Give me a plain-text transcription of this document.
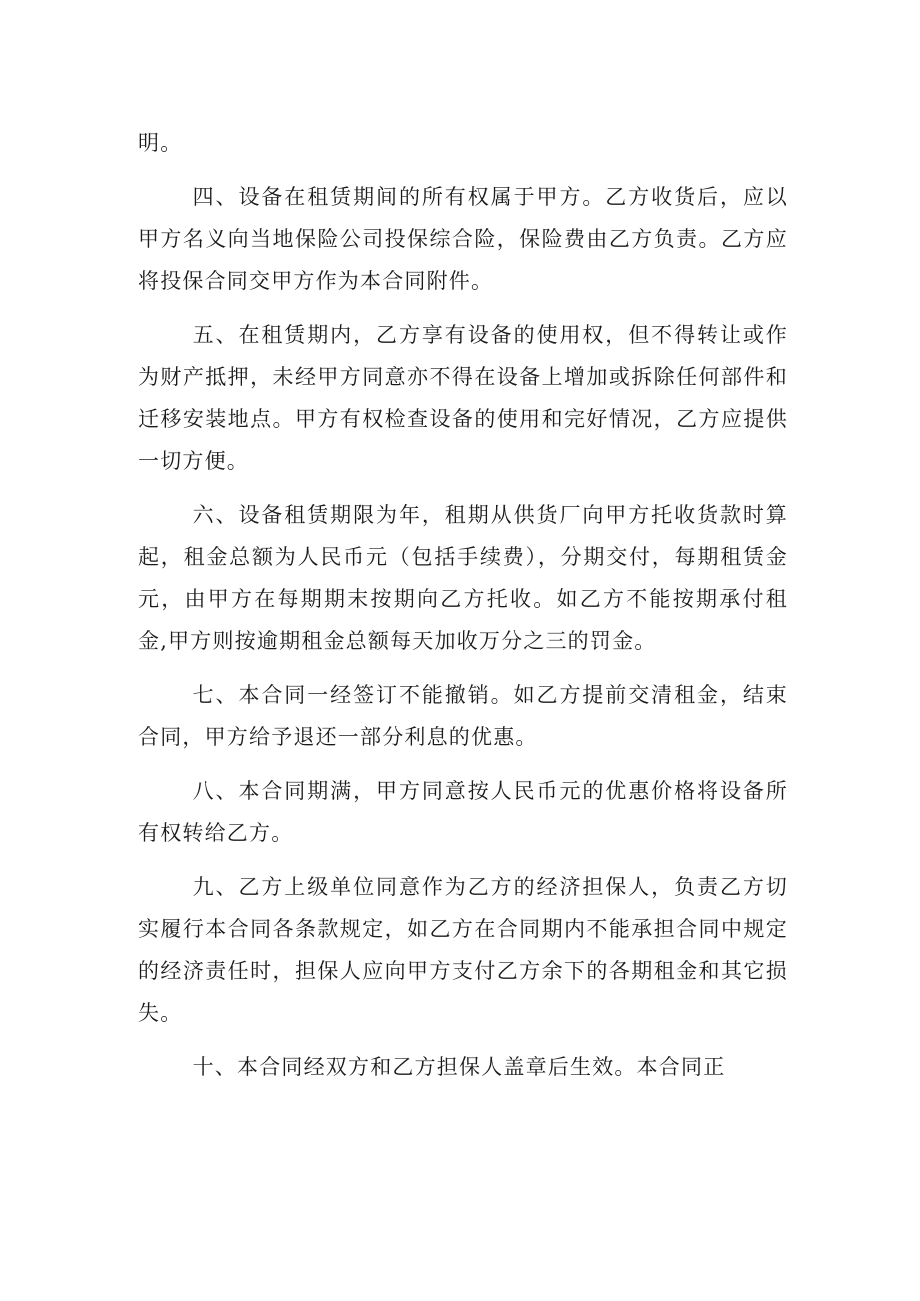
明。

四、设备在租赁期间的所有权属于甲方。乙方收货后，应以甲方名义向当地保险公司投保综合险，保险费由乙方负责。乙方应将投保合同交甲方作为本合同附件。

五、在租赁期内，乙方享有设备的使用权，但不得转让或作为财产抵押，未经甲方同意亦不得在设备上增加或拆除任何部件和迁移安装地点。甲方有权检查设备的使用和完好情况，乙方应提供一切方便。

六、设备租赁期限为年，租期从供货厂向甲方托收货款时算起，租金总额为人民币元（包括手续费），分期交付，每期租赁金元，由甲方在每期期末按期向乙方托收。如乙方不能按期承付租金,甲方则按逾期租金总额每天加收万分之三的罚金。

七、本合同一经签订不能撤销。如乙方提前交清租金，结束合同，甲方给予退还一部分利息的优惠。

八、本合同期满，甲方同意按人民币元的优惠价格将设备所有权转给乙方。

九、乙方上级单位同意作为乙方的经济担保人，负责乙方切实履行本合同各条款规定，如乙方在合同期内不能承担合同中规定的经济责任时，担保人应向甲方支付乙方余下的各期租金和其它损失。

十、本合同经双方和乙方担保人盖章后生效。本合同正
